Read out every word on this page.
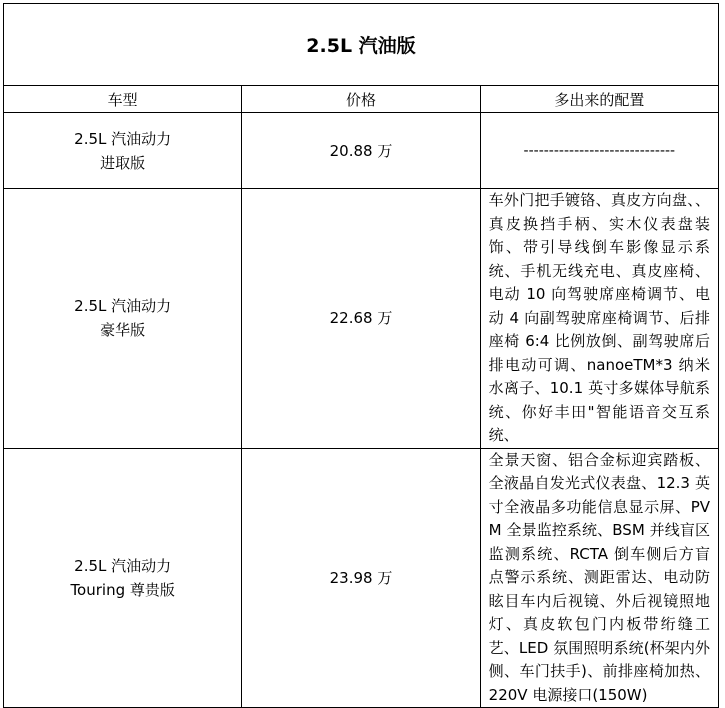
2.5L 汽油版		
车型	价格	多出来的配置

2.5L 汽油动力
进取版	20.88 万	------------------------------

2.5L 汽油动力
豪华版	22.68 万	车外门把手镀铬、真皮方向盘、、真皮换挡手柄、实木仪表盘装饰、带引导线倒车影像显示系统、手机无线充电、真皮座椅、电动 10 向驾驶席座椅调节、电动 4 向副驾驶席座椅调节、后排座椅 6:4 比例放倒、副驾驶席后排电动可调、nanoeTM*3 纳米水离子、10.1 英寸多媒体导航系统、你好丰田"智能语音交互系统、

2.5L 汽油动力
Touring 尊贵版	23.98 万	全景天窗、铝合金标迎宾踏板、全液晶自发光式仪表盘、12.3 英寸全液晶多功能信息显示屏、PVM 全景监控系统、BSM 并线盲区监测系统、RCTA 倒车侧后方盲点警示系统、测距雷达、电动防眩目车内后视镜、外后视镜照地灯、真皮软包门内板带绗缝工艺、LED 氛围照明系统(杯架内外侧、车门扶手)、前排座椅加热、220V 电源接口(150W)
